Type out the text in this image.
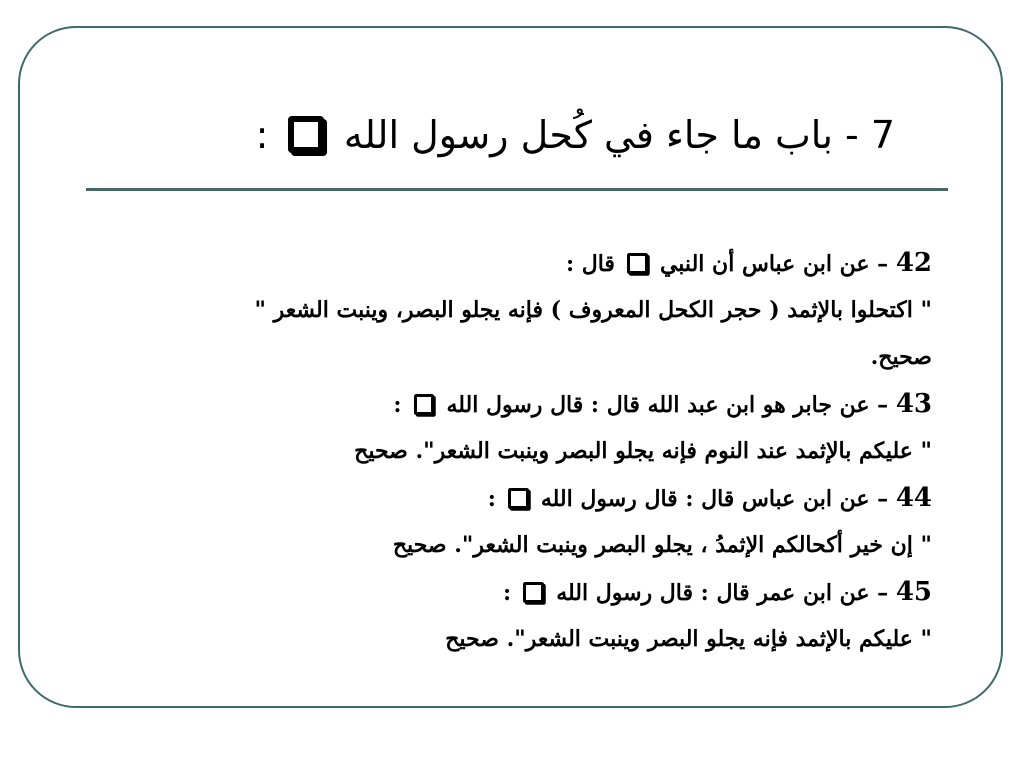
7 - باب ما جاء في كُحل رسول الله  :
42 – عن ابن عباس أن النبي  قال :
" اكتحلوا بالإثمد ( حجر الكحل المعروف ) فإنه يجلو البصر، وينبت الشعر "
صحيح.
43 – عن جابر هو ابن عبد الله قال : قال رسول الله  :
" عليكم بالإثمد عند النوم فإنه يجلو البصر وينبت الشعر". صحيح
44 – عن ابن عباس قال : قال رسول الله  :
" إن خير أكحالكم الإثمدُ ، يجلو البصر وينبت الشعر". صحيح
45 – عن ابن عمر قال : قال رسول الله  :
" عليكم بالإثمد فإنه يجلو البصر وينبت الشعر". صحيح
